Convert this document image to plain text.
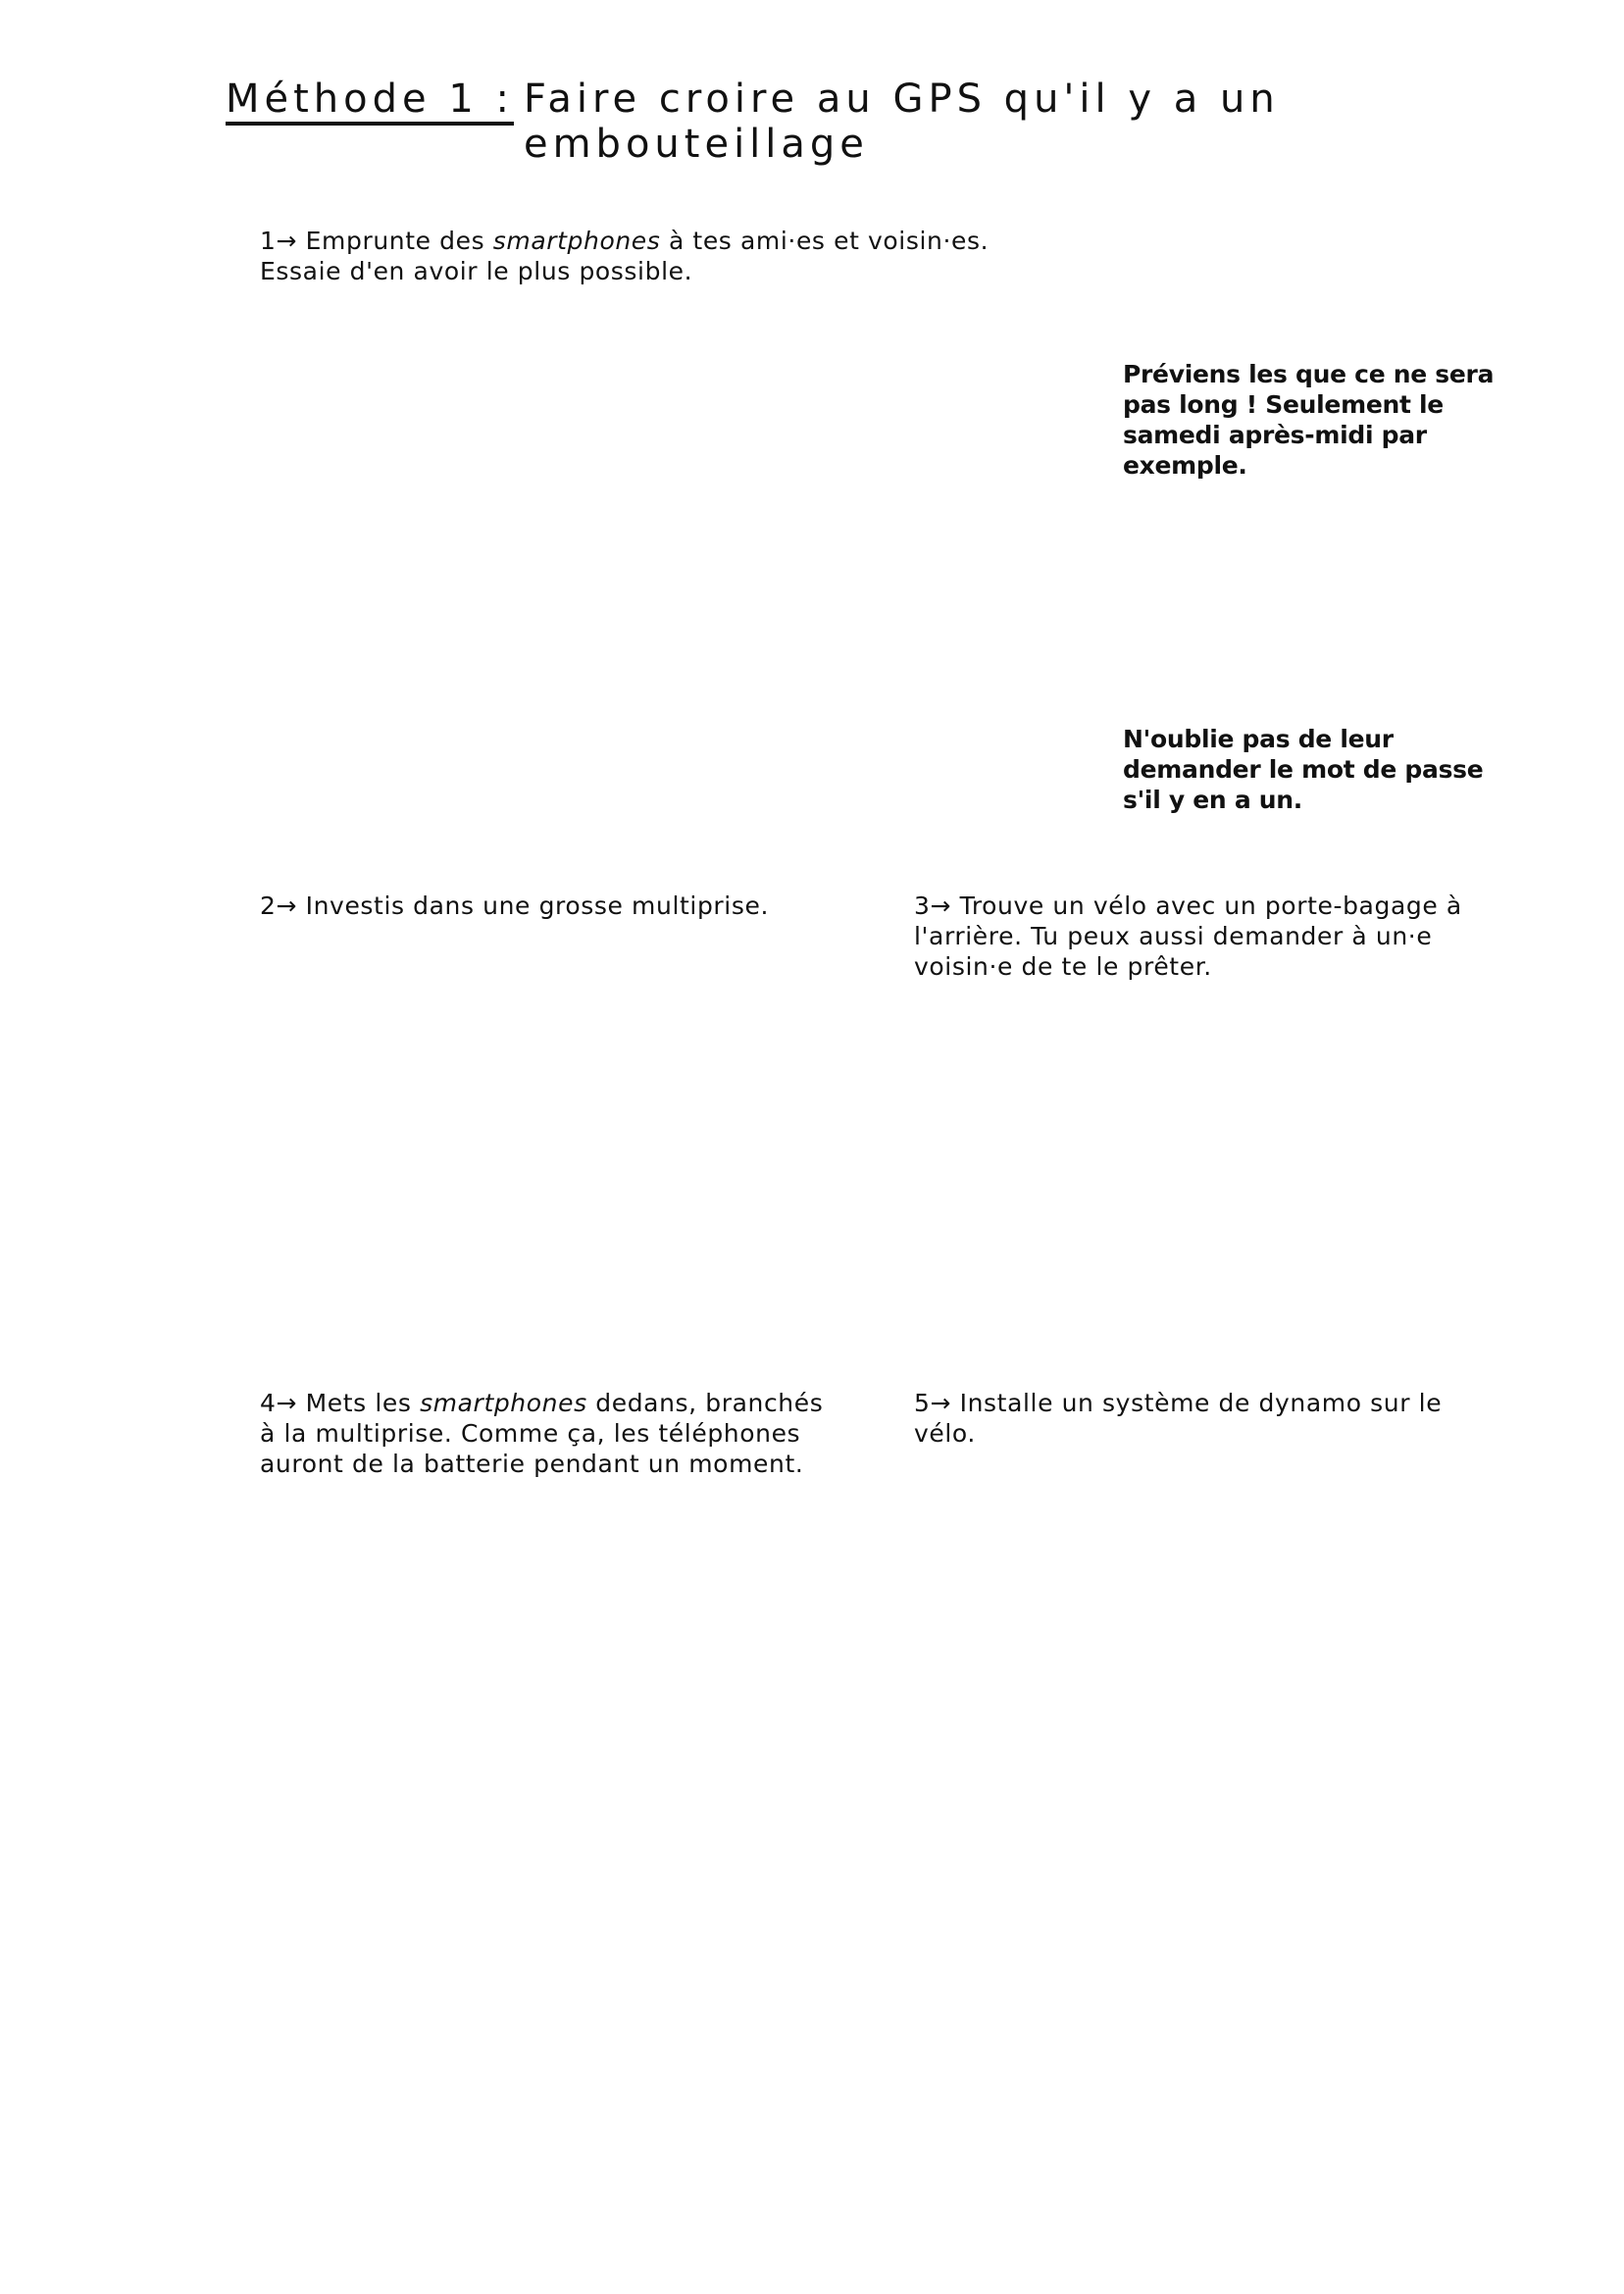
Méthode 1 : Faire croire au GPS qu'il y a un embouteillage
1→ Emprunte des smartphones à tes ami·es et voisin·es. Essaie d'en avoir le plus possible.
Préviens les que ce ne sera pas long ! Seulement le samedi après-midi par exemple.
N'oublie pas de leur demander le mot de passe s'il y en a un.
2→ Investis dans une grosse multiprise.	3→ Trouve un vélo avec un porte-bagage à l'arrière. Tu peux aussi demander à un·e voisin·e de te le prêter.
4→ Mets les smartphones dedans, branchés à la multiprise. Comme ça, les téléphones auront de la batterie pendant un moment.
5→ Installe un système de dynamo sur le vélo.
